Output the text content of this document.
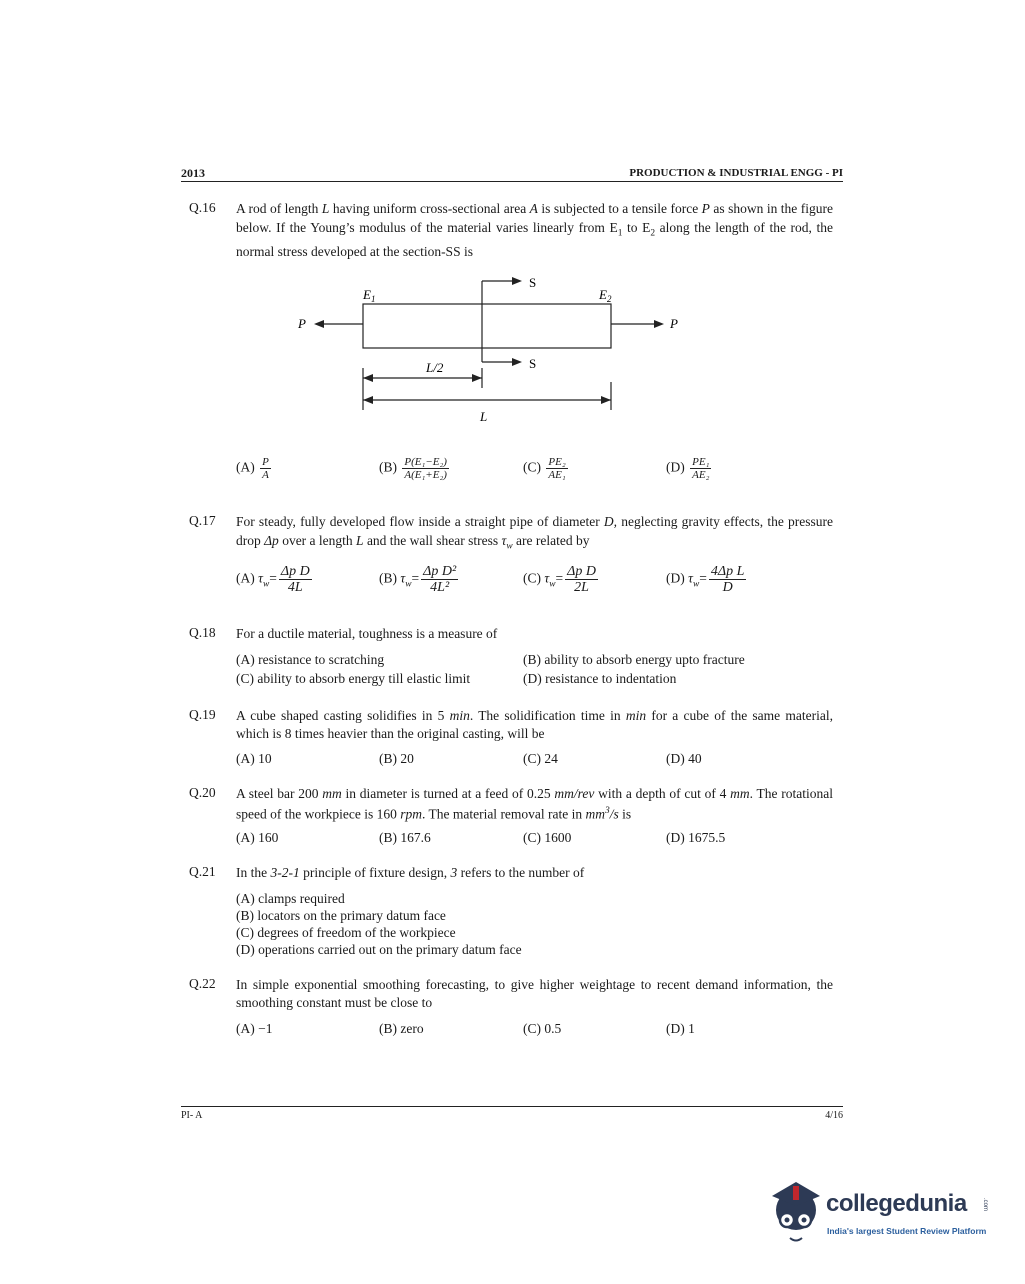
2013	PRODUCTION & INDUSTRIAL ENGG - PI
Q.16 A rod of length L having uniform cross-sectional area A is subjected to a tensile force P as shown in the figure below. If the Young’s modulus of the material varies linearly from $E_1$ to $E_2$ along the length of the rod, the normal stress developed at the section-SS is
S
S
P	P
$E_1$	$E_2$
L/2
L
$(A) \frac{P}{A}$	$(B) \frac{\text{P(E₁−E₂)}}{\text{A(E₁+E₂)}}$	$(C) \frac{\text{PE₂}}{\text{AE₁}}$	$(D) \frac{\text{PE₁}}{\text{AE₂}}$
Q.17 For steady, fully developed flow inside a straight pipe of diameter D, neglecting gravity effects, the pressure drop Δp over a length L and the wall shear stress $\tau_w$ are related by
(A) $\tau_w= \frac{\text{Δp D}}{4L}$	(B) $\tau_w= \frac{\text{Δp D²}}{\text{4L²}}$	(C) $\tau_w= \frac{\text{Δp D}}{2L}$	(D) $\tau_w= \frac{\text{4Δp L}}{D}$
Q.18 For a ductile material, toughness is a measure of
(A) resistance to scratching	(B) ability to absorb energy upto fracture
(C) ability to absorb energy till elastic limit	(D) resistance to indentation
Q.19 A cube shaped casting solidifies in 5 min. The solidification time in min for a cube of the same material, which is 8 times heavier than the original casting, will be
(A) 10	(B) 20	(C) 24	(D) 40
Q.20 A steel bar 200 mm in diameter is turned at a feed of 0.25 mm/rev with a depth of cut of 4 mm. The rotational speed of the workpiece is 160 rpm. The material removal rate in $mm^3/s$ is
(A) 160	(B) 167.6	(C) 1600	(D) 1675.5
Q.21 In the 3-2-1 principle of fixture design, 3 refers to the number of
(A) clamps required
(B) locators on the primary datum face
(C) degrees of freedom of the workpiece
(D) operations carried out on the primary datum face
Q.22 In simple exponential smoothing forecasting, to give higher weightage to recent demand information, the smoothing constant must be close to
(A) −1	(B) zero	(C) 0.5	(D) 1
PI- A	4/16
collegedunia	.com
India's largest Student Review Platform
